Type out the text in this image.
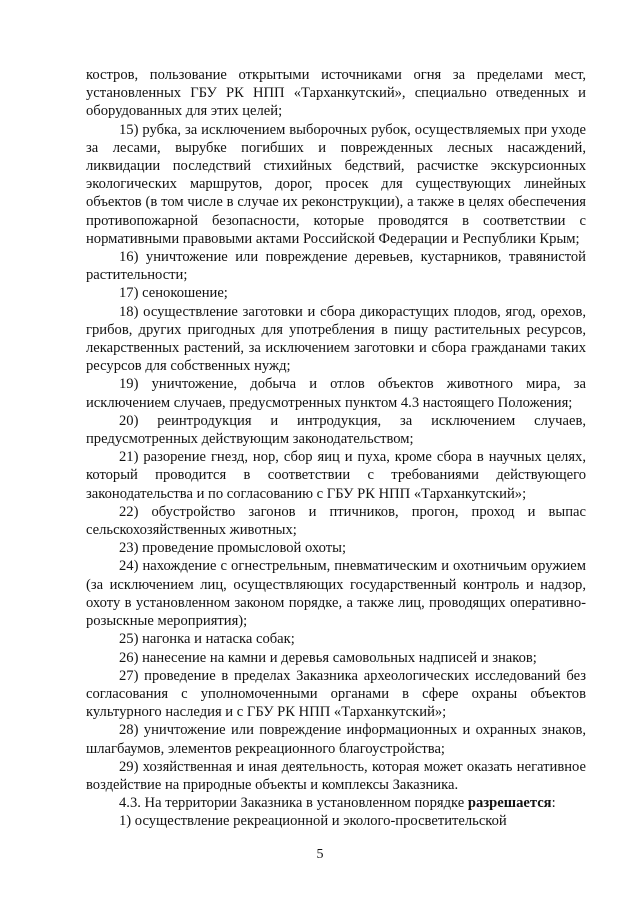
костров, пользование открытыми источниками огня за пределами мест, установленных ГБУ РК НПП «Тарханкутский», специально отведенных и оборудованных для этих целей;

15) рубка, за исключением выборочных рубок, осуществляемых при уходе за лесами, вырубке погибших и поврежденных лесных насаждений, ликвидации последствий стихийных бедствий, расчистке экскурсионных экологических маршрутов, дорог, просек для существующих линейных объектов (в том числе в случае их реконструкции), а также в целях обеспечения противопожарной безопасности, которые проводятся в соответствии с нормативными правовыми актами Российской Федерации и Республики Крым;

16) уничтожение или повреждение деревьев, кустарников, травянистой растительности;

17) сенокошение;

18) осуществление заготовки и сбора дикорастущих плодов, ягод, орехов, грибов, других пригодных для употребления в пищу растительных ресурсов, лекарственных растений, за исключением заготовки и сбора гражданами таких ресурсов для собственных нужд;

19) уничтожение, добыча и отлов объектов животного мира, за исключением случаев, предусмотренных пунктом 4.3 настоящего Положения;

20) реинтродукция и интродукция, за исключением случаев, предусмотренных действующим законодательством;

21) разорение гнезд, нор, сбор яиц и пуха, кроме сбора в научных целях, который проводится в соответствии с требованиями действующего законодательства и по согласованию с ГБУ РК НПП «Тарханкутский»;

22) обустройство загонов и птичников, прогон, проход и выпас сельскохозяйственных животных;

23) проведение промысловой охоты;

24) нахождение с огнестрельным, пневматическим и охотничьим оружием (за исключением лиц, осуществляющих государственный контроль и надзор, охоту в установленном законом порядке, а также лиц, проводящих оперативно-розыскные мероприятия);

25) нагонка и натаска собак;

26) нанесение на камни и деревья самовольных надписей и знаков;

27) проведение в пределах Заказника археологических исследований без согласования с уполномоченными органами в сфере охраны объектов культурного наследия и с ГБУ РК НПП «Тарханкутский»;

28) уничтожение или повреждение информационных и охранных знаков, шлагбаумов, элементов рекреационного благоустройства;

29) хозяйственная и иная деятельность, которая может оказать негативное воздействие на природные объекты и комплексы Заказника.

4.3. На территории Заказника в установленном порядке разрешается:

1) осуществление рекреационной и эколого-просветительской

5
